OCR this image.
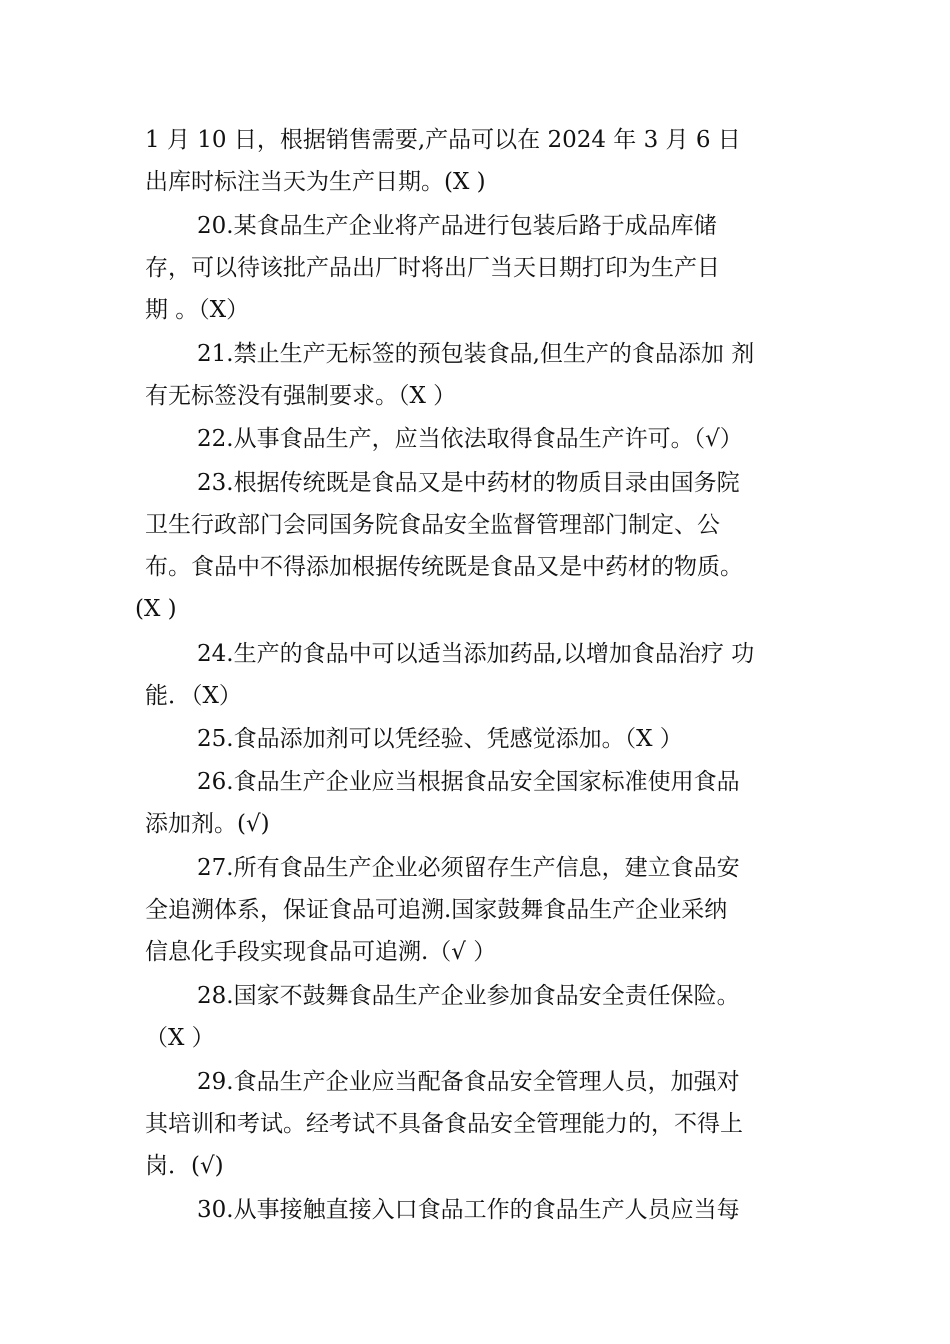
1 月 10 日，根据销售需要,产品可以在 2024 年 3 月 6 日
出库时标注当天为生产日期。(X )
20.某食品生产企业将产品进行包装后路于成品库储
存，可以待该批产品出厂时将出厂当天日期打印为生产日
期 。（X）
21.禁止生产无标签的预包装食品,但生产的食品添加 剂
有无标签没有强制要求。（X ）
22.从事食品生产，应当依法取得食品生产许可。（√）
23.根据传统既是食品又是中药材的物质目录由国务院
卫生行政部门会同国务院食品安全监督管理部门制定、公
布。食品中不得添加根据传统既是食品又是中药材的物质。
(X )
24.生产的食品中可以适当添加药品,以增加食品治疗 功
能．（X）
25.食品添加剂可以凭经验、凭感觉添加。（X ）
26.食品生产企业应当根据食品安全国家标准使用食品
添加剂。(√)
27.所有食品生产企业必须留存生产信息，建立食品安
全追溯体系，保证食品可追溯.国家鼓舞食品生产企业采纳
信息化手段实现食品可追溯.（√ ）
28.国家不鼓舞食品生产企业参加食品安全责任保险。
（X ）
29.食品生产企业应当配备食品安全管理人员，加强对
其培训和考试。经考试不具备食品安全管理能力的，不得上
岗．(√)
30.从事接触直接入口食品工作的食品生产人员应当每
